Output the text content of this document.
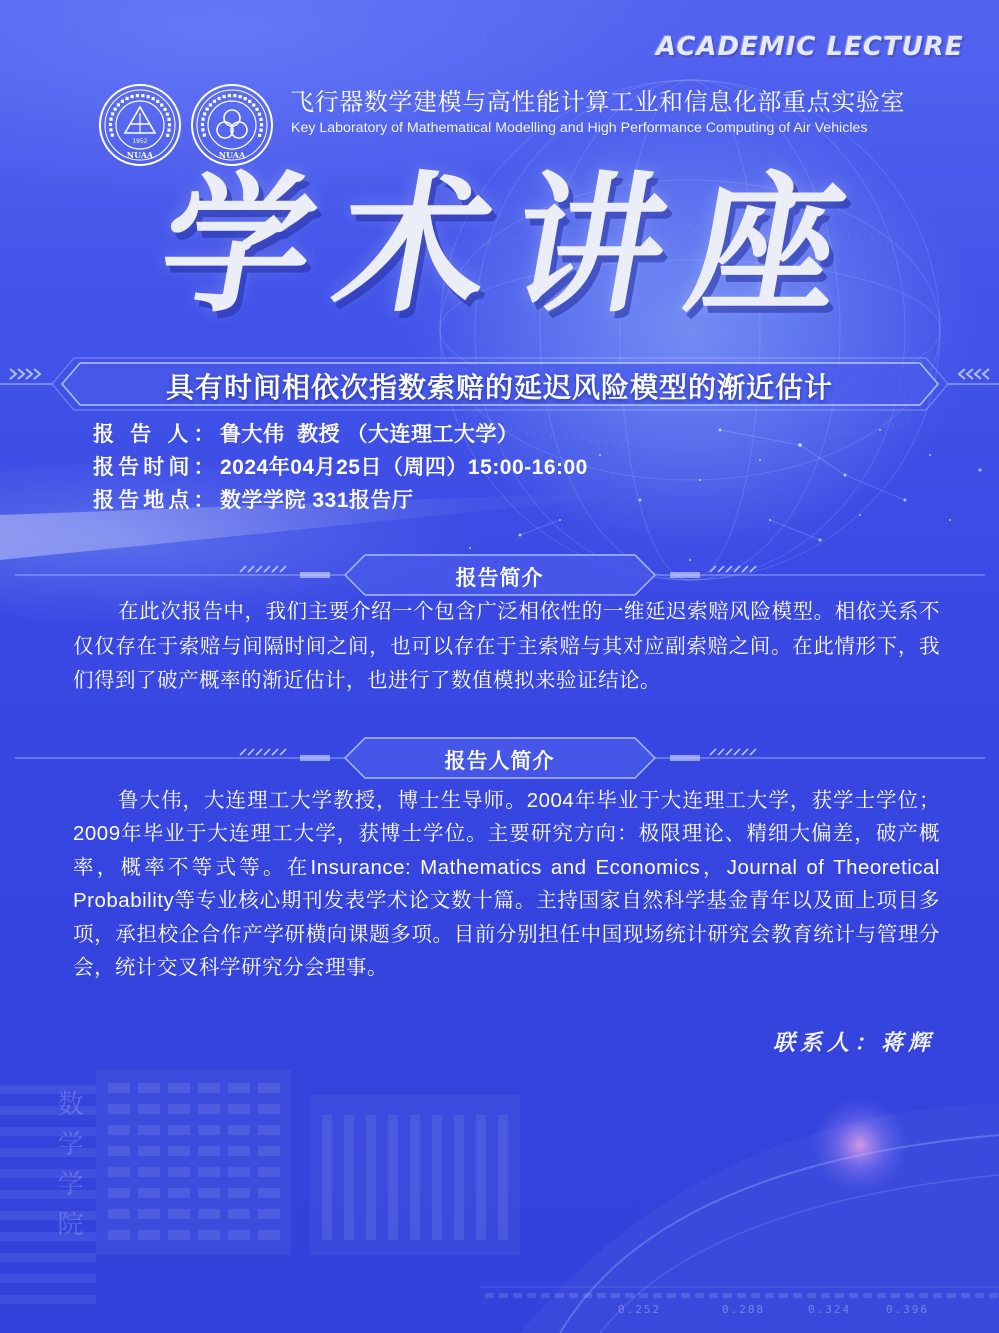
ACADEMIC LECTURE
1952
NUAA	NUAA
飞行器数学建模与高性能计算工业和信息化部重点实验室
Key Laboratory of Mathematical Modelling and High Performance Computing of Air Vehicles
学术讲座
具有时间相依次指数索赔的延迟风险模型的渐近估计
报 告 人： 鲁大伟  教授 （大连理工大学）
报告时间： 2024年04月25日（周四）15:00-16:00
报告地点： 数学学院 331报告厅
报告简介
在此次报告中，我们主要介绍一个包含广泛相依性的一维延迟索赔风险模型。相依关系不仅仅存在于索赔与间隔时间之间，也可以存在于主索赔与其对应副索赔之间。在此情形下，我们得到了破产概率的渐近估计，也进行了数值模拟来验证结论。
报告人简介
鲁大伟，大连理工大学教授，博士生导师。2004年毕业于大连理工大学，获学士学位；2009年毕业于大连理工大学，获博士学位。主要研究方向：极限理论、精细大偏差，破产概率，概率不等式等。在Insurance: Mathematics and Economics，Journal of Theoretical Probability等专业核心期刊发表学术论文数十篇。主持国家自然科学基金青年以及面上项目多项，承担校企合作产学研横向课题多项。目前分别担任中国现场统计研究会教育统计与管理分会，统计交叉科学研究分会理事。
联系人：蒋辉
数学学院
0.252	0.288	0.324	0.396
